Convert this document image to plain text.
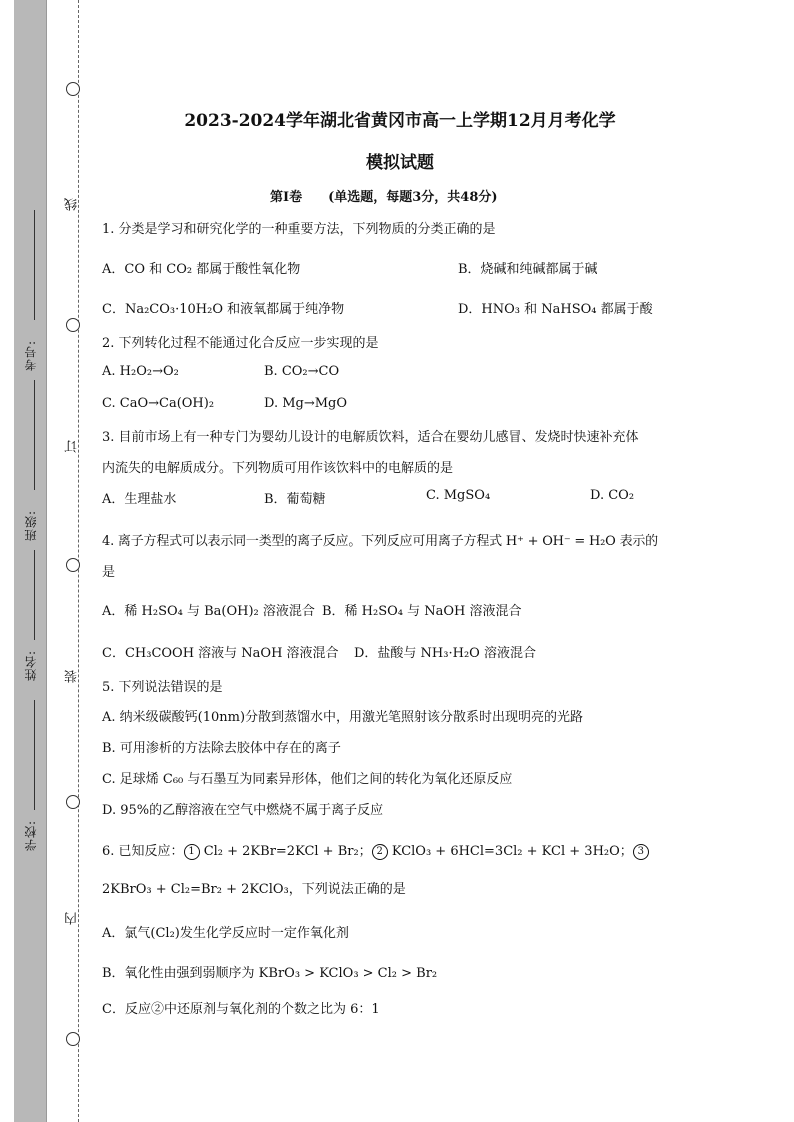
线
订
装
内
考号:
班级:
姓名:
学校:
2023-2024学年湖北省黄冈市高一上学期12月月考化学
模拟试题
第I卷　　(单选题，每题3分，共48分)
1. 分类是学习和研究化学的一种重要方法，下列物质的分类正确的是
A．CO 和 CO₂ 都属于酸性氧化物	B．烧碱和纯碱都属于碱
C．Na₂CO₃·10H₂O 和液氧都属于纯净物	D．HNO₃ 和 NaHSO₄ 都属于酸
2. 下列转化过程不能通过化合反应一步实现的是
A. H₂O₂→O₂	B. CO₂→CO
C. CaO→Ca(OH)₂	D. Mg→MgO
3. 目前市场上有一种专门为婴幼儿设计的电解质饮料，适合在婴幼儿感冒、发烧时快速补充体
内流失的电解质成分。下列物质可用作该饮料中的电解质的是
A．生理盐水	B．葡萄糖	C. MgSO₄	D. CO₂
4. 离子方程式可以表示同一类型的离子反应。下列反应可用离子方程式 H⁺ + OH⁻ = H₂O 表示的
是
A．稀 H₂SO₄ 与 Ba(OH)₂ 溶液混合 B．稀 H₂SO₄ 与 NaOH 溶液混合
C．CH₃COOH 溶液与 NaOH 溶液混合 D．盐酸与 NH₃·H₂O 溶液混合
5. 下列说法错误的是
A. 纳米级碳酸钙(10nm)分散到蒸馏水中，用激光笔照射该分散系时出现明亮的光路
B. 可用渗析的方法除去胶体中存在的离子
C. 足球烯 C₆₀ 与石墨互为同素异形体，他们之间的转化为氧化还原反应
D. 95%的乙醇溶液在空气中燃烧不属于离子反应
6. 已知反应： 1 Cl₂ + 2KBr=2KCl + Br₂； 2 KClO₃ + 6HCl=3Cl₂ + KCl + 3H₂O； 3
2KBrO₃ + Cl₂=Br₂ + 2KClO₃，下列说法正确的是
A．氯气(Cl₂)发生化学反应时一定作氧化剂
B．氧化性由强到弱顺序为 KBrO₃ > KClO₃ > Cl₂ > Br₂
C．反应②中还原剂与氧化剂的个数之比为 6：1
